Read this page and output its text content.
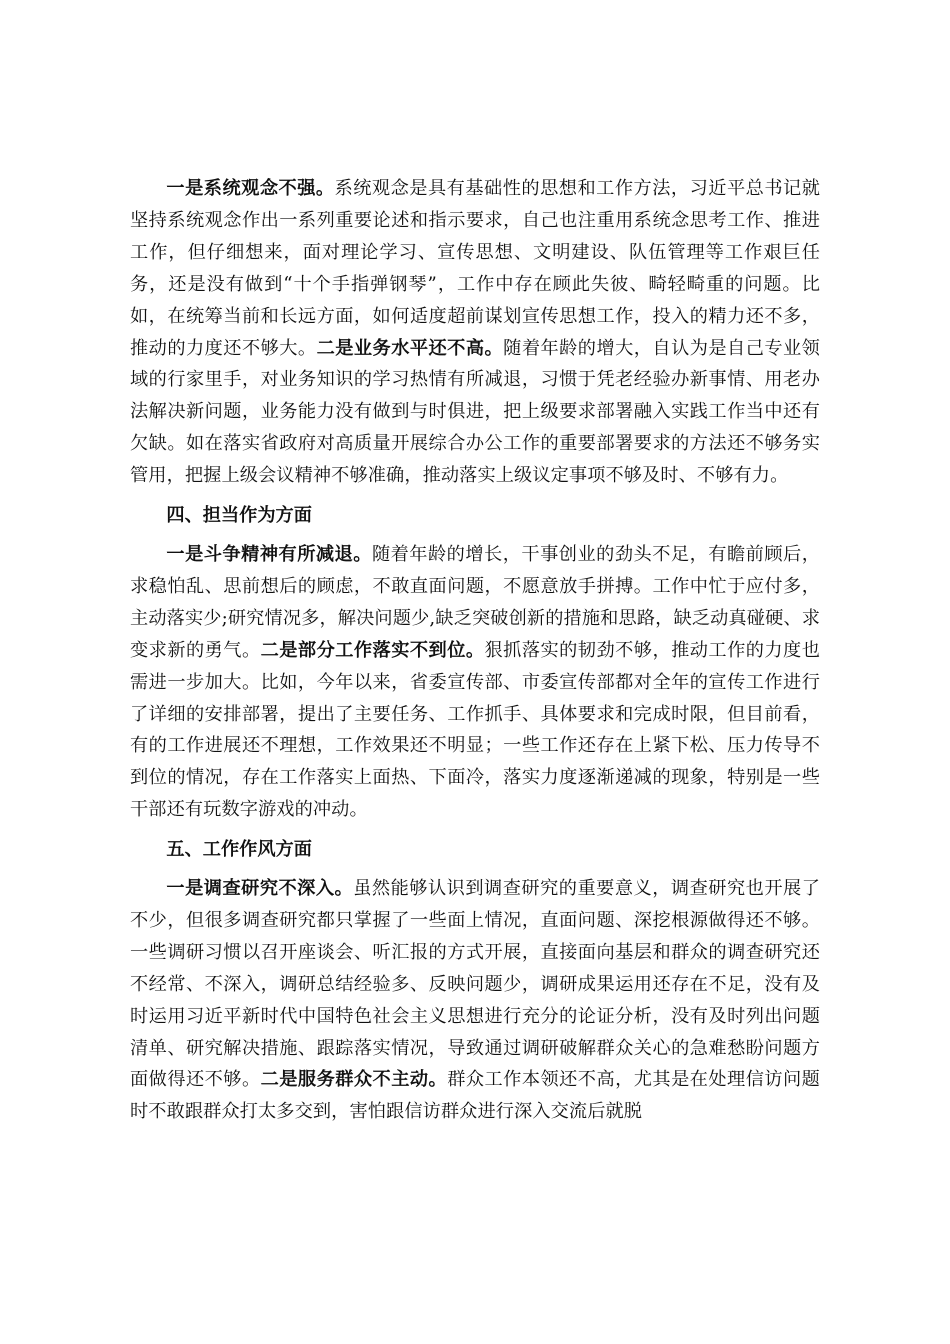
一是系统观念不强。系统观念是具有基础性的思想和工作方法，习近平总书记就坚持系统观念作出一系列重要论述和指示要求，自己也注重用系统念思考工作、推进工作，但仔细想来，面对理论学习、宣传思想、文明建设、队伍管理等工作艰巨任务，还是没有做到“十个手指弹钢琴”，工作中存在顾此失彼、畸轻畸重的问题。比如，在统筹当前和长远方面，如何适度超前谋划宣传思想工作，投入的精力还不多，推动的力度还不够大。二是业务水平还不高。随着年龄的增大，自认为是自己专业领域的行家里手，对业务知识的学习热情有所减退，习惯于凭老经验办新事情、用老办法解决新问题，业务能力没有做到与时俱进，把上级要求部署融入实践工作当中还有欠缺。如在落实省政府对高质量开展综合办公工作的重要部署要求的方法还不够务实管用，把握上级会议精神不够准确，推动落实上级议定事项不够及时、不够有力。

四、担当作为方面

一是斗争精神有所减退。随着年龄的增长，干事创业的劲头不足，有瞻前顾后，求稳怕乱、思前想后的顾虑，不敢直面问题，不愿意放手拼搏。工作中忙于应付多，主动落实少;研究情况多，解决问题少,缺乏突破创新的措施和思路，缺乏动真碰硬、求变求新的勇气。二是部分工作落实不到位。狠抓落实的韧劲不够，推动工作的力度也需进一步加大。比如，今年以来，省委宣传部、市委宣传部都对全年的宣传工作进行了详细的安排部署，提出了主要任务、工作抓手、具体要求和完成时限，但目前看，有的工作进展还不理想，工作效果还不明显；一些工作还存在上紧下松、压力传导不到位的情况，存在工作落实上面热、下面冷，落实力度逐渐递减的现象，特别是一些干部还有玩数字游戏的冲动。

五、工作作风方面

一是调查研究不深入。虽然能够认识到调查研究的重要意义，调查研究也开展了不少，但很多调查研究都只掌握了一些面上情况，直面问题、深挖根源做得还不够。一些调研习惯以召开座谈会、听汇报的方式开展，直接面向基层和群众的调查研究还不经常、不深入，调研总结经验多、反映问题少，调研成果运用还存在不足，没有及时运用习近平新时代中国特色社会主义思想进行充分的论证分析，没有及时列出问题清单、研究解决措施、跟踪落实情况，导致通过调研破解群众关心的急难愁盼问题方面做得还不够。二是服务群众不主动。群众工作本领还不高，尤其是在处理信访问题时不敢跟群众打太多交到，害怕跟信访群众进行深入交流后就脱
